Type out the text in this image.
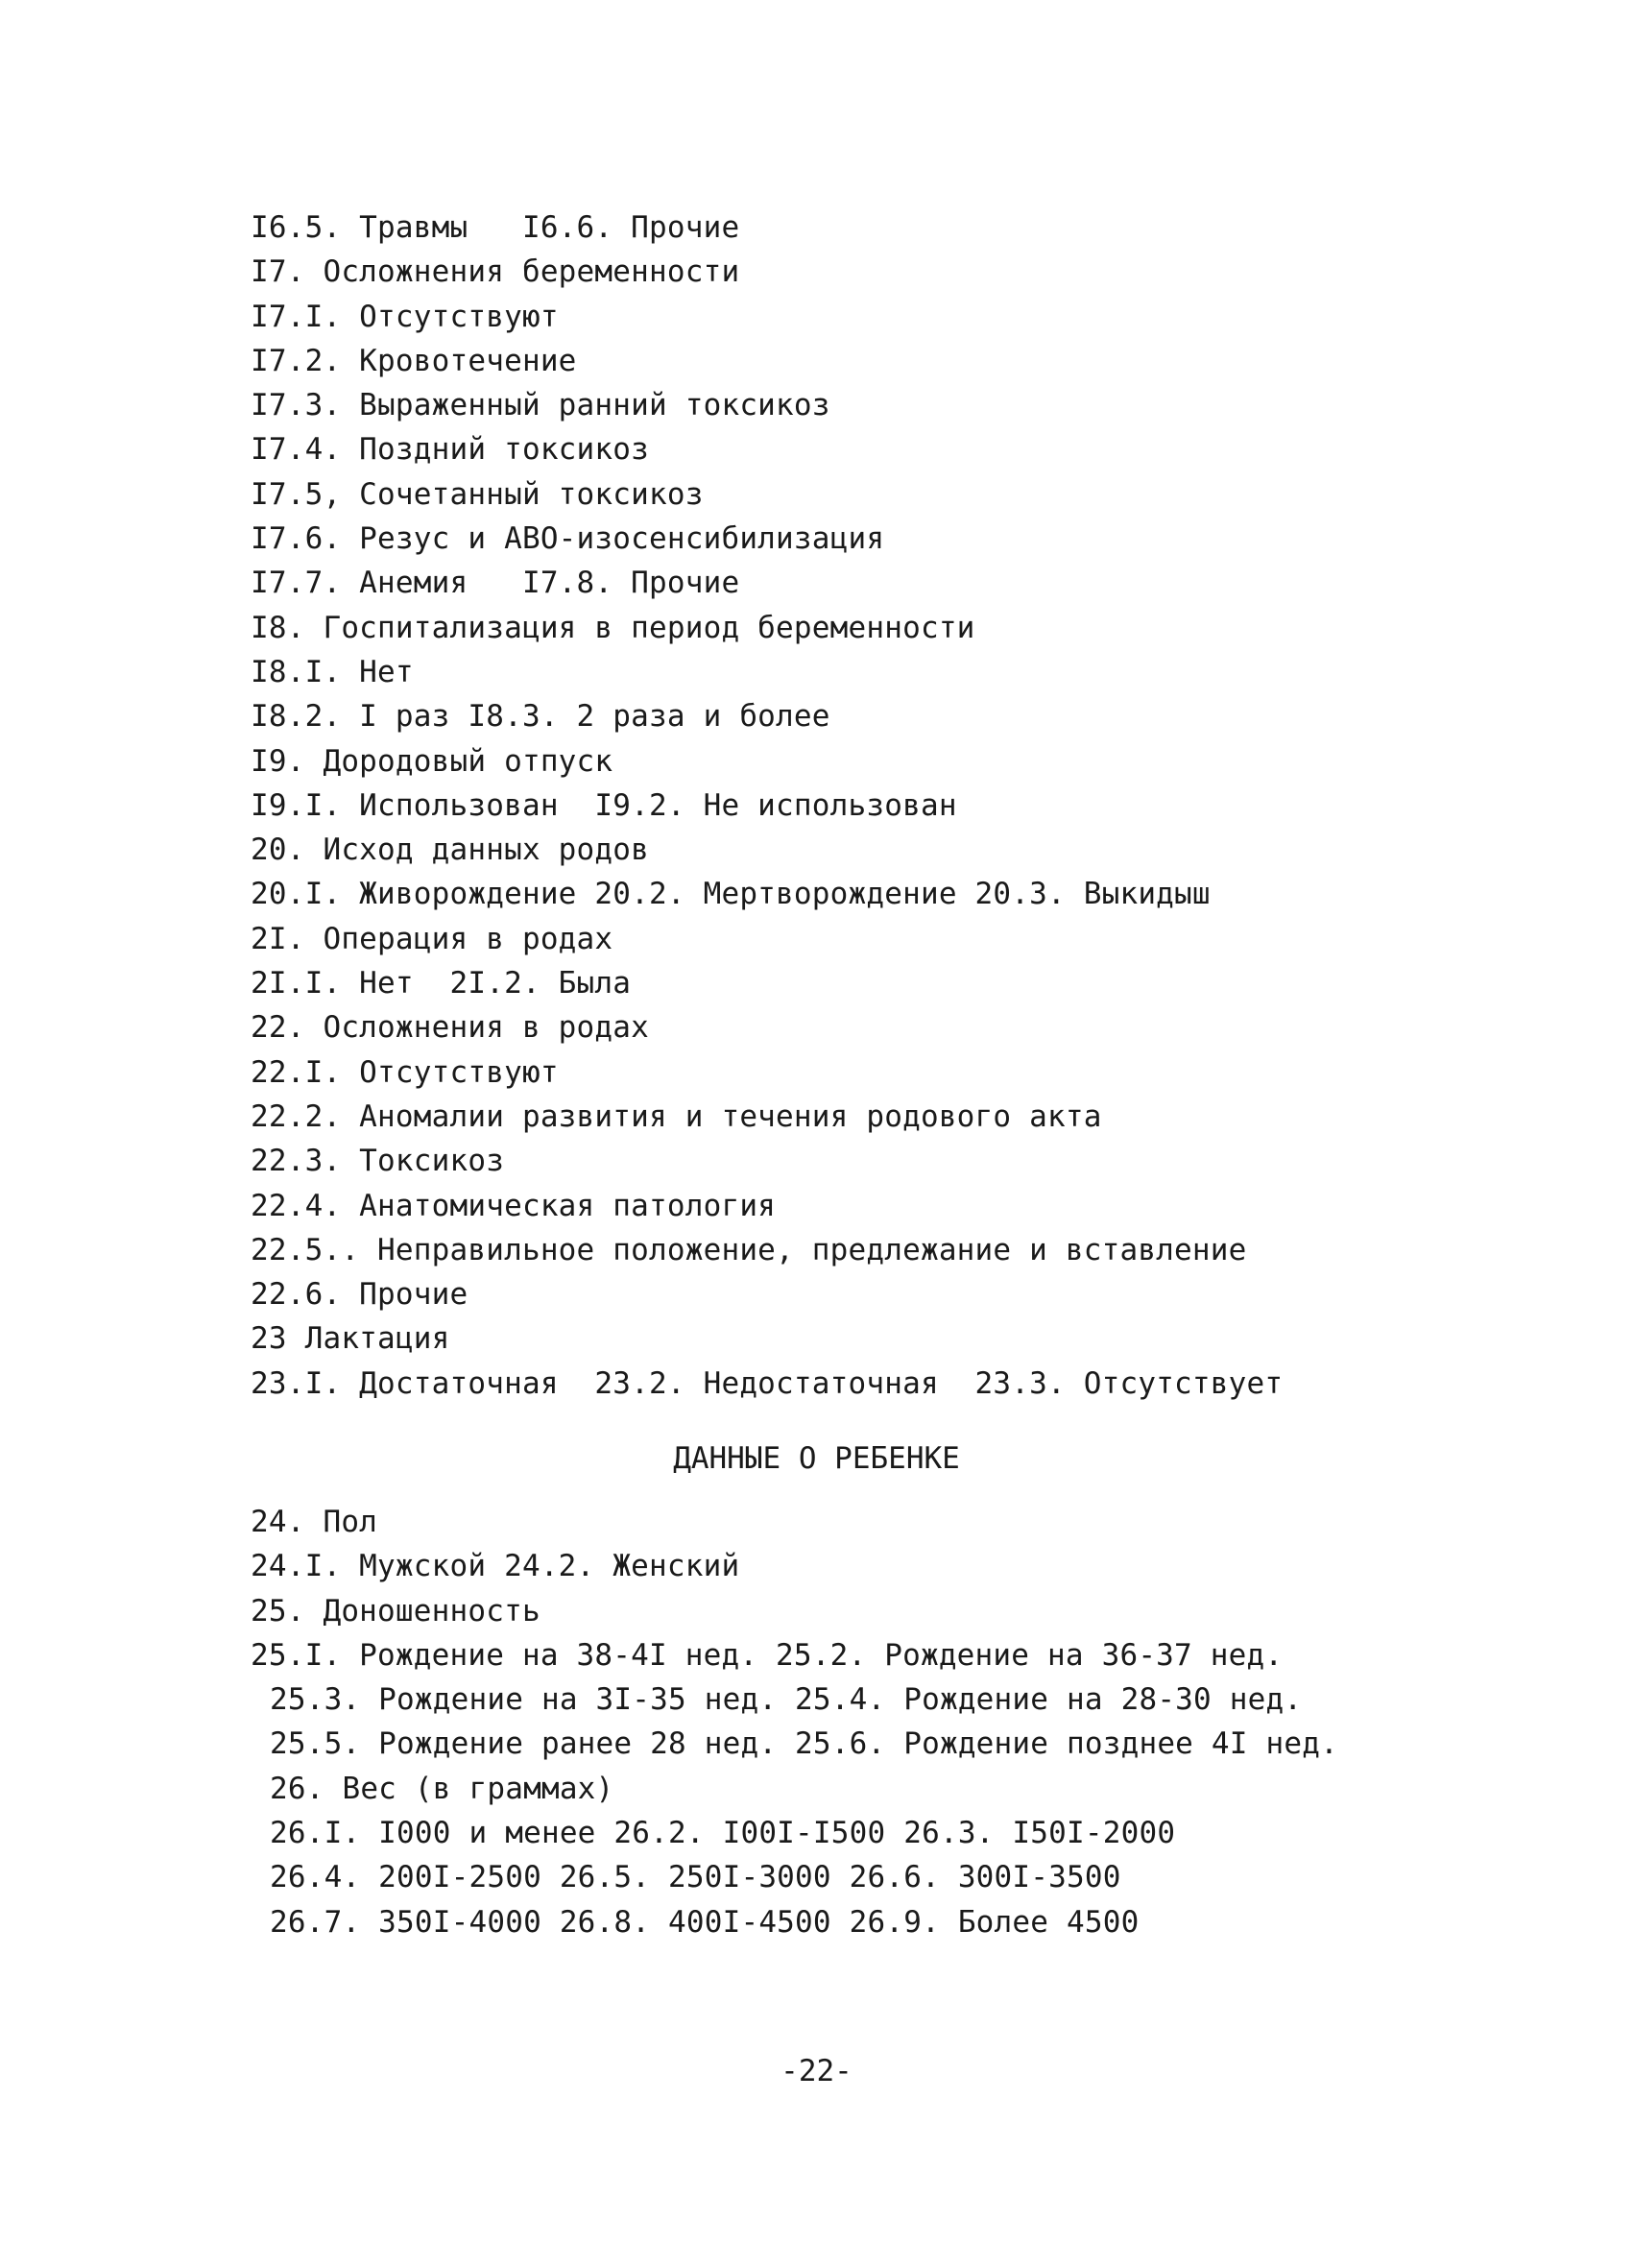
I6.5. Травмы   I6.6. Прочие
I7. Осложнения беременности
I7.I. Отсутствуют
I7.2. Кровотечение
I7.3. Выраженный ранний токсикоз
I7.4. Поздний токсикоз
I7.5, Сочетанный токсикоз
I7.6. Резус и АВО-изосенсибилизация
I7.7. Анемия   I7.8. Прочие
I8. Госпитализация в период беременности
I8.I. Нет
I8.2. I раз I8.3. 2 раза и более
I9. Дородовый отпуск
I9.I. Использован  I9.2. Не использован
20. Исход данных родов
20.I. Живорождение 20.2. Мертворождение 20.3. Выкидыш
2I. Операция в родах
2I.I. Нет  2I.2. Была
22. Осложнения в родах
22.I. Отсутствуют
22.2. Аномалии развития и течения родового акта
22.3. Токсикоз
22.4. Анатомическая патология
22.5.. Неправильное положение, предлежание и вставление
22.6. Прочие
23 Лактация
23.I. Достаточная  23.2. Недостаточная  23.3. Отсутствует
ДАННЫЕ О РЕБЕНКЕ
24. Пол
24.I. Мужской 24.2. Женский
25. Доношенность
25.I. Рождение на 38-4I нед. 25.2. Рождение на 36-37 нед.
25.3. Рождение на 3I-35 нед. 25.4. Рождение на 28-30 нед.
25.5. Рождение ранее 28 нед. 25.6. Рождение позднее 4I нед.
26. Вес (в граммах)
26.I. I000 и менее 26.2. I00I-I500 26.3. I50I-2000
26.4. 200I-2500 26.5. 250I-3000 26.6. 300I-3500
26.7. 350I-4000 26.8. 400I-4500 26.9. Более 4500
-22-
